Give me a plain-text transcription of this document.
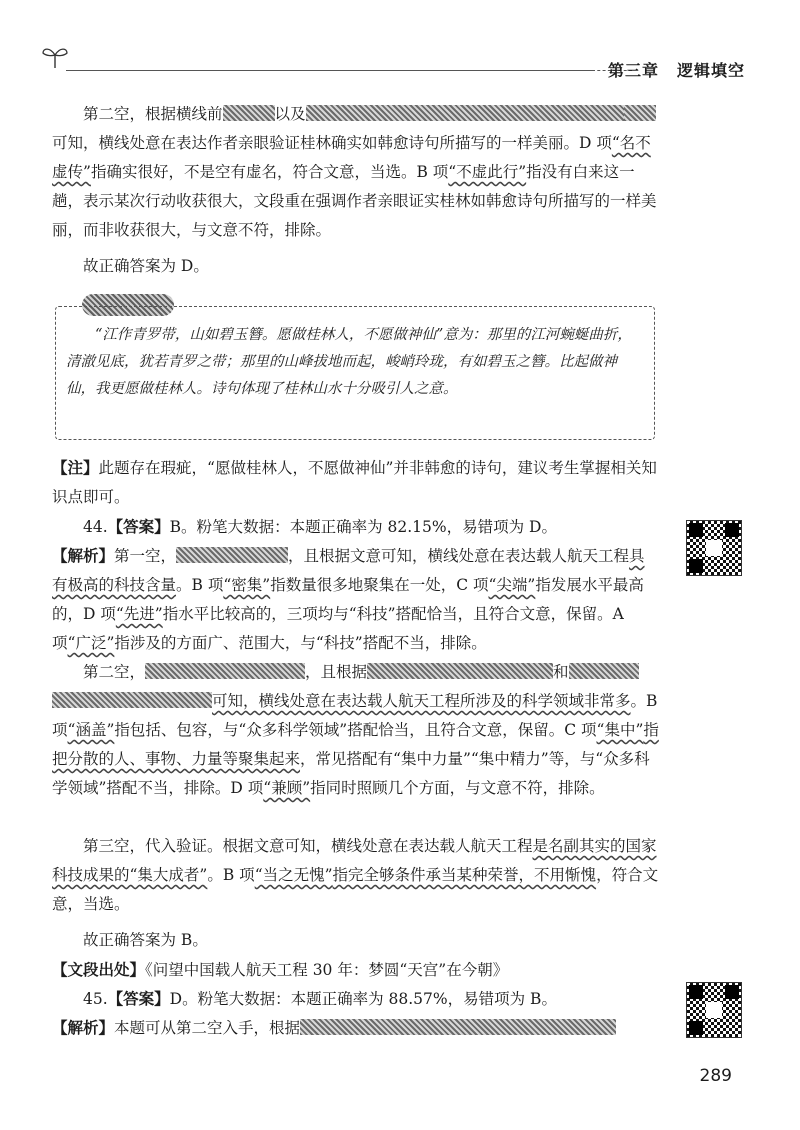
第三章 逻辑填空

第二空，根据横线前	以及可知，横线处意在表达作者亲眼验证桂林确实如韩愈诗句所描写的一样美丽。D 项“名不虚传”指确实很好，不是空有虚名，符合文意，当选。B 项“不虚此行”指没有白来这一趟，表示某次行动收获很大，文段重在强调作者亲眼证实桂林如韩愈诗句所描写的一样美丽，而非收获很大，与文意不符，排除。

故正确答案为 D。

“江作青罗带，山如碧玉簪。愿做桂林人，不愿做神仙”意为：那里的江河蜿蜒曲折，清澈见底，犹若青罗之带；那里的山峰拔地而起，峻峭玲珑，有如碧玉之簪。比起做神仙，我更愿做桂林人。诗句体现了桂林山水十分吸引人之意。

【注】此题存在瑕疵，“愿做桂林人，不愿做神仙”并非韩愈的诗句，建议考生掌握相关知识点即可。

44.【答案】B。粉笔大数据：本题正确率为 82.15%，易错项为 D。

【解析】第一空，	，且根据文意可知，横线处意在表达载人航天工程具有极高的科技含量。B 项“密集”指数量很多地聚集在一处，C 项“尖端”指发展水平最高的，D 项“先进”指水平比较高的，三项均与“科技”搭配恰当，且符合文意，保留。A 项“广泛”指涉及的方面广、范围大，与“科技”搭配不当，排除。

第二空，	，且根据	和可知，横线处意在表达载人航天工程所涉及的科学领域非常多。B 项“涵盖”指包括、包容，与“众多科学领域”搭配恰当，且符合文意，保留。C 项“集中”指把分散的人、事物、力量等聚集起来，常见搭配有“集中力量”“集中精力”等，与“众多科学领域”搭配不当，排除。D 项“兼顾”指同时照顾几个方面，与文意不符，排除。

第三空，代入验证。根据文意可知，横线处意在表达载人航天工程是名副其实的国家科技成果的“集大成者”。B 项“当之无愧”指完全够条件承当某种荣誉，不用惭愧，符合文意，当选。

故正确答案为 B。

【文段出处】《问望中国载人航天工程 30 年：梦圆“天宫”在今朝》

45.【答案】D。粉笔大数据：本题正确率为 88.57%，易错项为 B。

【解析】本题可从第二空入手，根据

289
